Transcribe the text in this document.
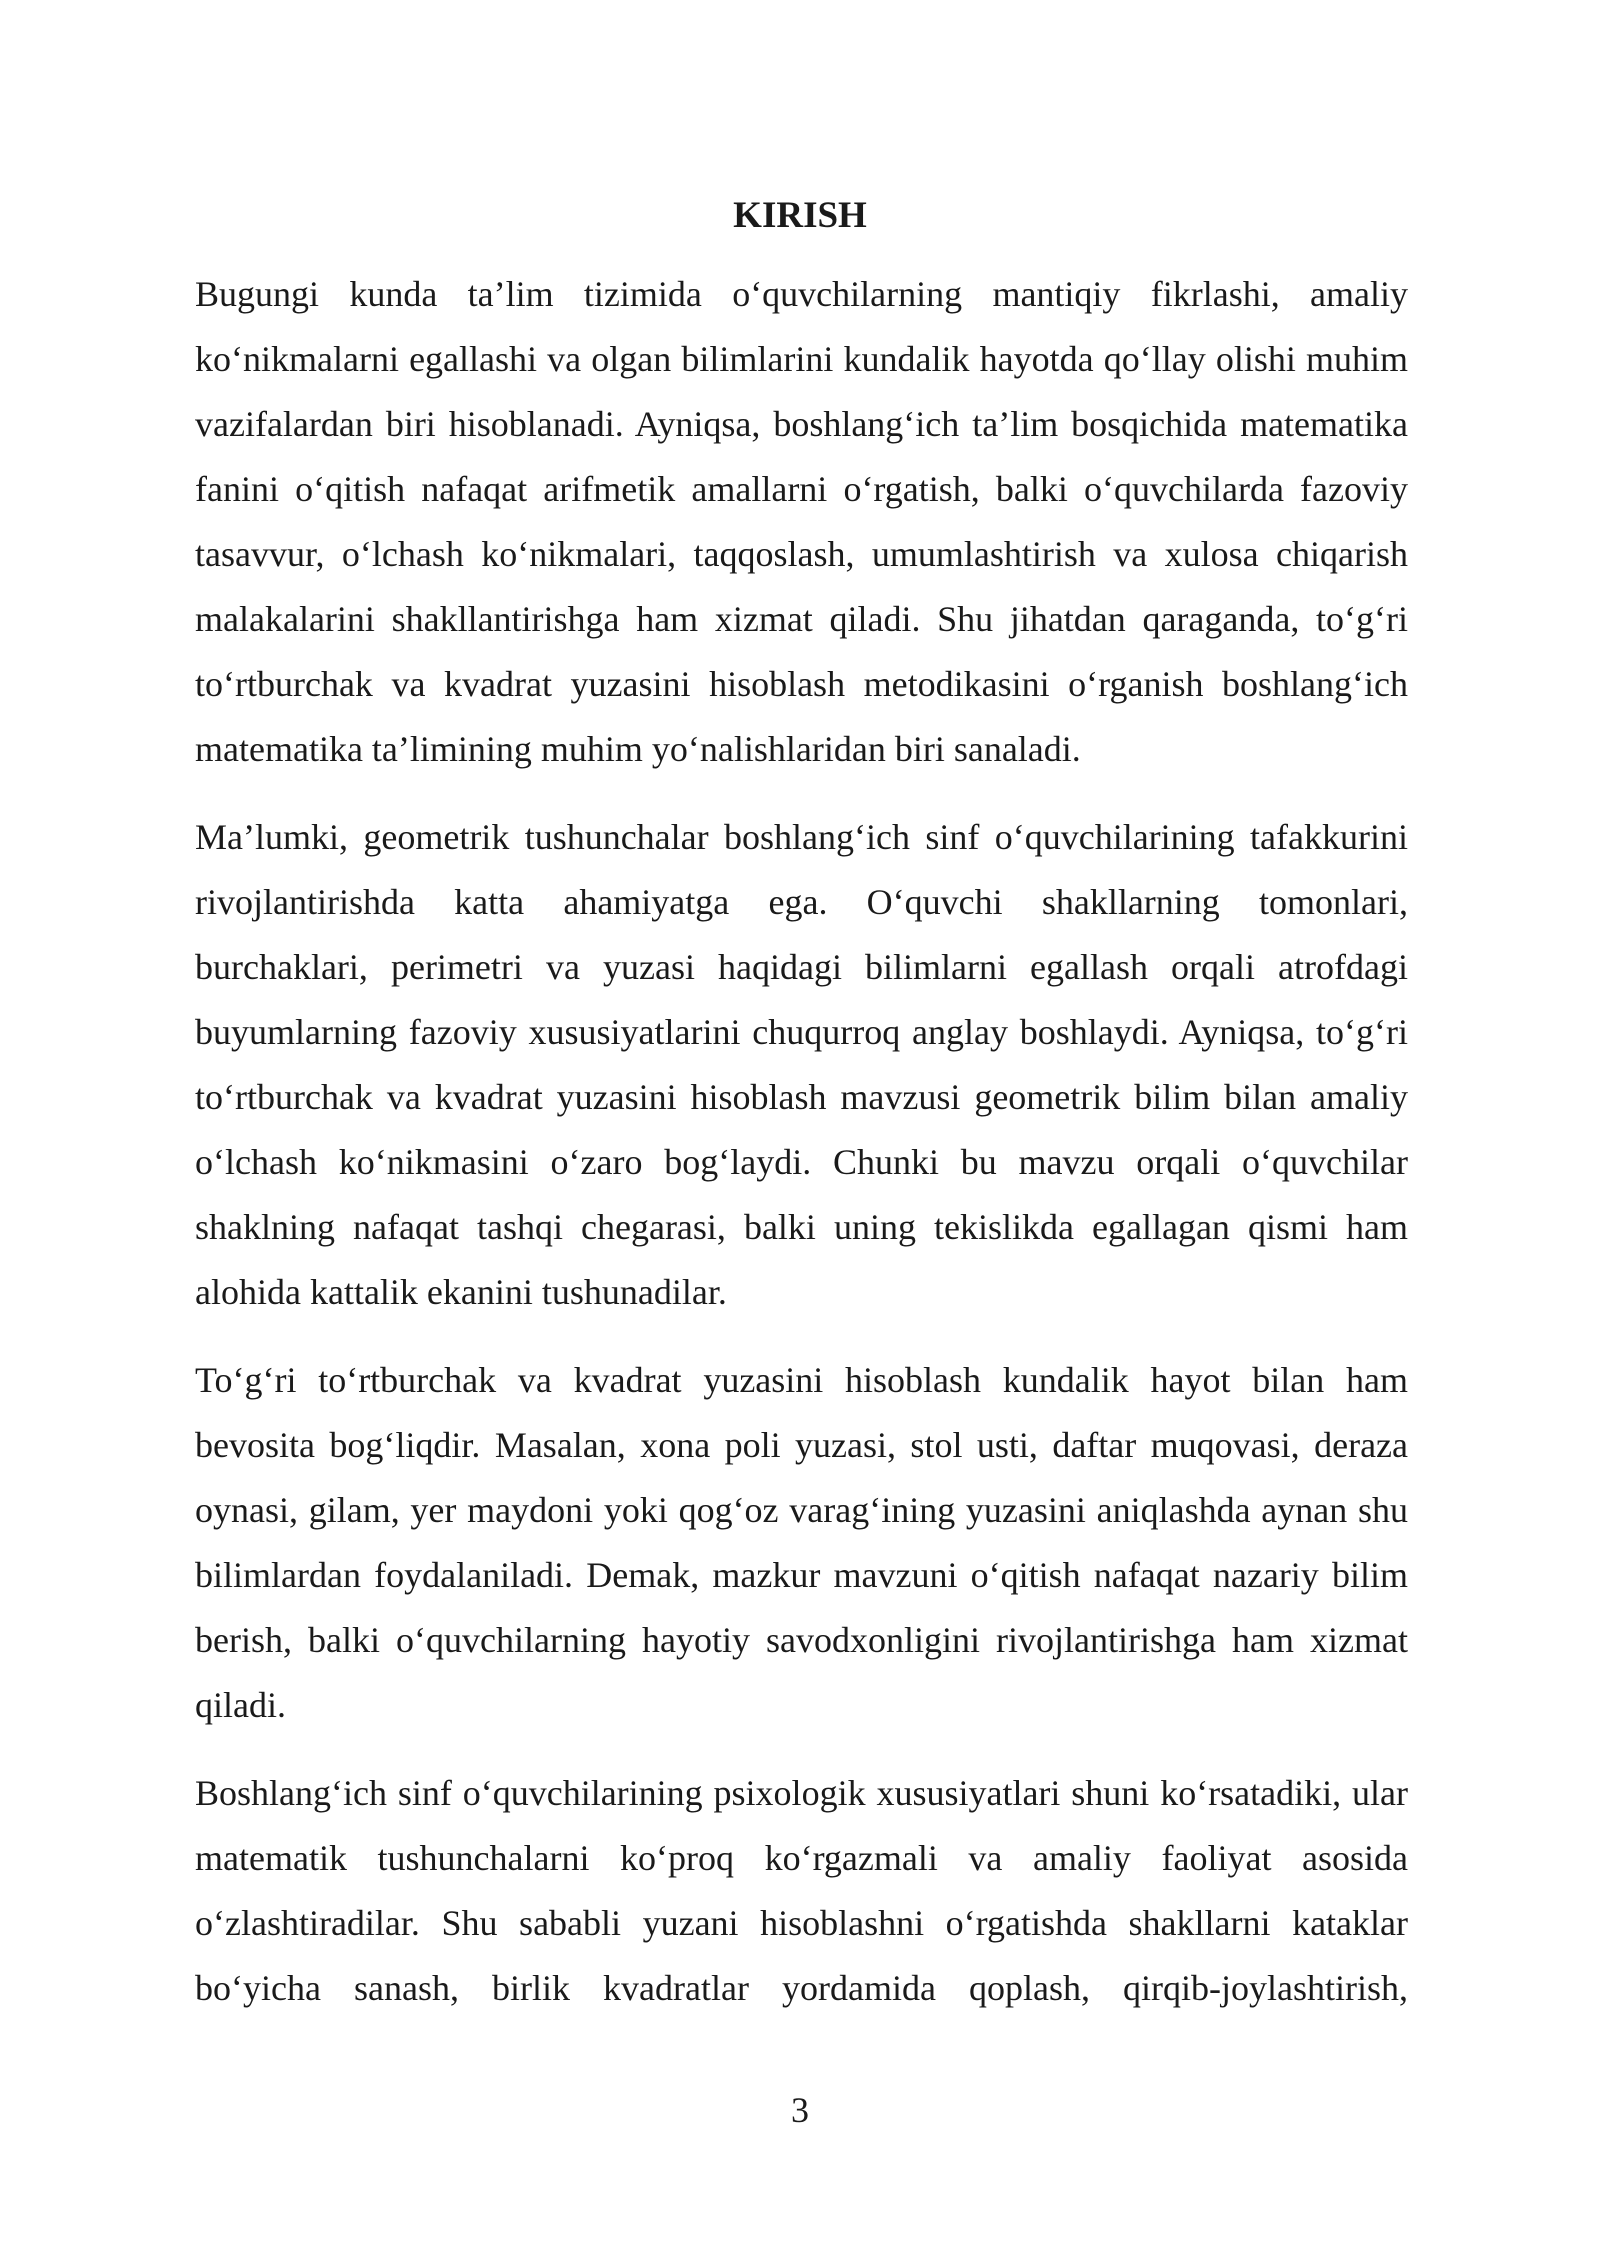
KIRISH

Bugungi kunda ta’lim tizimida o‘quvchilarning mantiqiy fikrlashi, amaliy ko‘nikmalarni egallashi va olgan bilimlarini kundalik hayotda qo‘llay olishi muhim vazifalardan biri hisoblanadi. Ayniqsa, boshlang‘ich ta’lim bosqichida matematika fanini o‘qitish nafaqat arifmetik amallarni o‘rgatish, balki o‘quvchilarda fazoviy tasavvur, o‘lchash ko‘nikmalari, taqqoslash, umumlashtirish va xulosa chiqarish malakalarini shakllantirishga ham xizmat qiladi. Shu jihatdan qaraganda, to‘g‘ri to‘rtburchak va kvadrat yuzasini hisoblash metodikasini o‘rganish boshlang‘ich matematika ta’limining muhim yo‘nalishlaridan biri sanaladi.

Ma’lumki, geometrik tushunchalar boshlang‘ich sinf o‘quvchilarining tafakkurini rivojlantirishda katta ahamiyatga ega. O‘quvchi shakllarning tomonlari, burchaklari, perimetri va yuzasi haqidagi bilimlarni egallash orqali atrofdagi buyumlarning fazoviy xususiyatlarini chuqurroq anglay boshlaydi. Ayniqsa, to‘g‘ri to‘rtburchak va kvadrat yuzasini hisoblash mavzusi geometrik bilim bilan amaliy o‘lchash ko‘nikmasini o‘zaro bog‘laydi. Chunki bu mavzu orqali o‘quvchilar shaklning nafaqat tashqi chegarasi, balki uning tekislikda egallagan qismi ham alohida kattalik ekanini tushunadilar.

To‘g‘ri to‘rtburchak va kvadrat yuzasini hisoblash kundalik hayot bilan ham bevosita bog‘liqdir. Masalan, xona poli yuzasi, stol usti, daftar muqovasi, deraza oynasi, gilam, yer maydoni yoki qog‘oz varag‘ining yuzasini aniqlashda aynan shu bilimlardan foydalaniladi. Demak, mazkur mavzuni o‘qitish nafaqat nazariy bilim berish, balki o‘quvchilarning hayotiy savodxonligini rivojlantirishga ham xizmat qiladi.

Boshlang‘ich sinf o‘quvchilarining psixologik xususiyatlari shuni ko‘rsatadiki, ular matematik tushunchalarni ko‘proq ko‘rgazmali va amaliy faoliyat asosida o‘zlashtiradilar. Shu sababli yuzani hisoblashni o‘rgatishda shakllarni kataklar bo‘yicha sanash, birlik kvadratlar yordamida qoplash, qirqib-joylashtirish,

3
